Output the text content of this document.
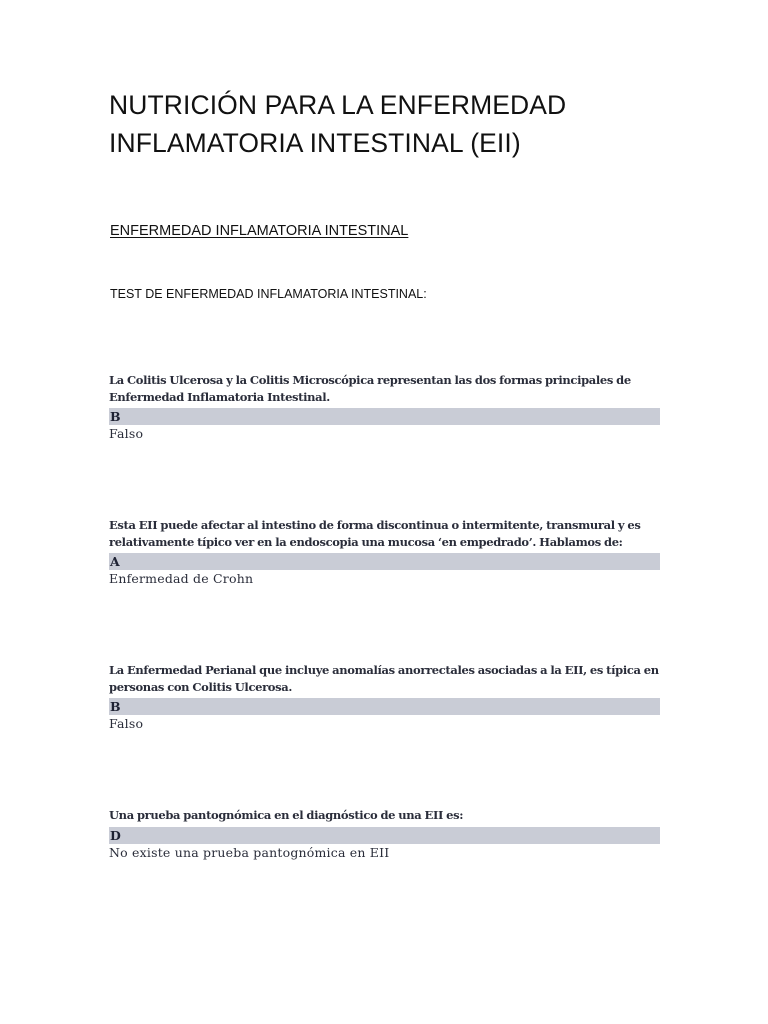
NUTRICIÓN PARA LA ENFERMEDAD
INFLAMATORIA INTESTINAL (EII)
ENFERMEDAD INFLAMATORIA INTESTINAL

TEST DE ENFERMEDAD INFLAMATORIA INTESTINAL:

La Colitis Ulcerosa y la Colitis Microscópica representan las dos formas principales de Enfermedad Inflamatoria Intestinal.

B

Falso

Esta EII puede afectar al intestino de forma discontinua o intermitente, transmural y es relativamente típico ver en la endoscopia una mucosa ‘en empedrado’. Hablamos de:

A

Enfermedad de Crohn

La Enfermedad Perianal que incluye anomalías anorrectales asociadas a la EII, es típica en personas con Colitis Ulcerosa.

B

Falso

Una prueba pantognómica en el diagnóstico de una EII es:

D

No existe una prueba pantognómica en EII
